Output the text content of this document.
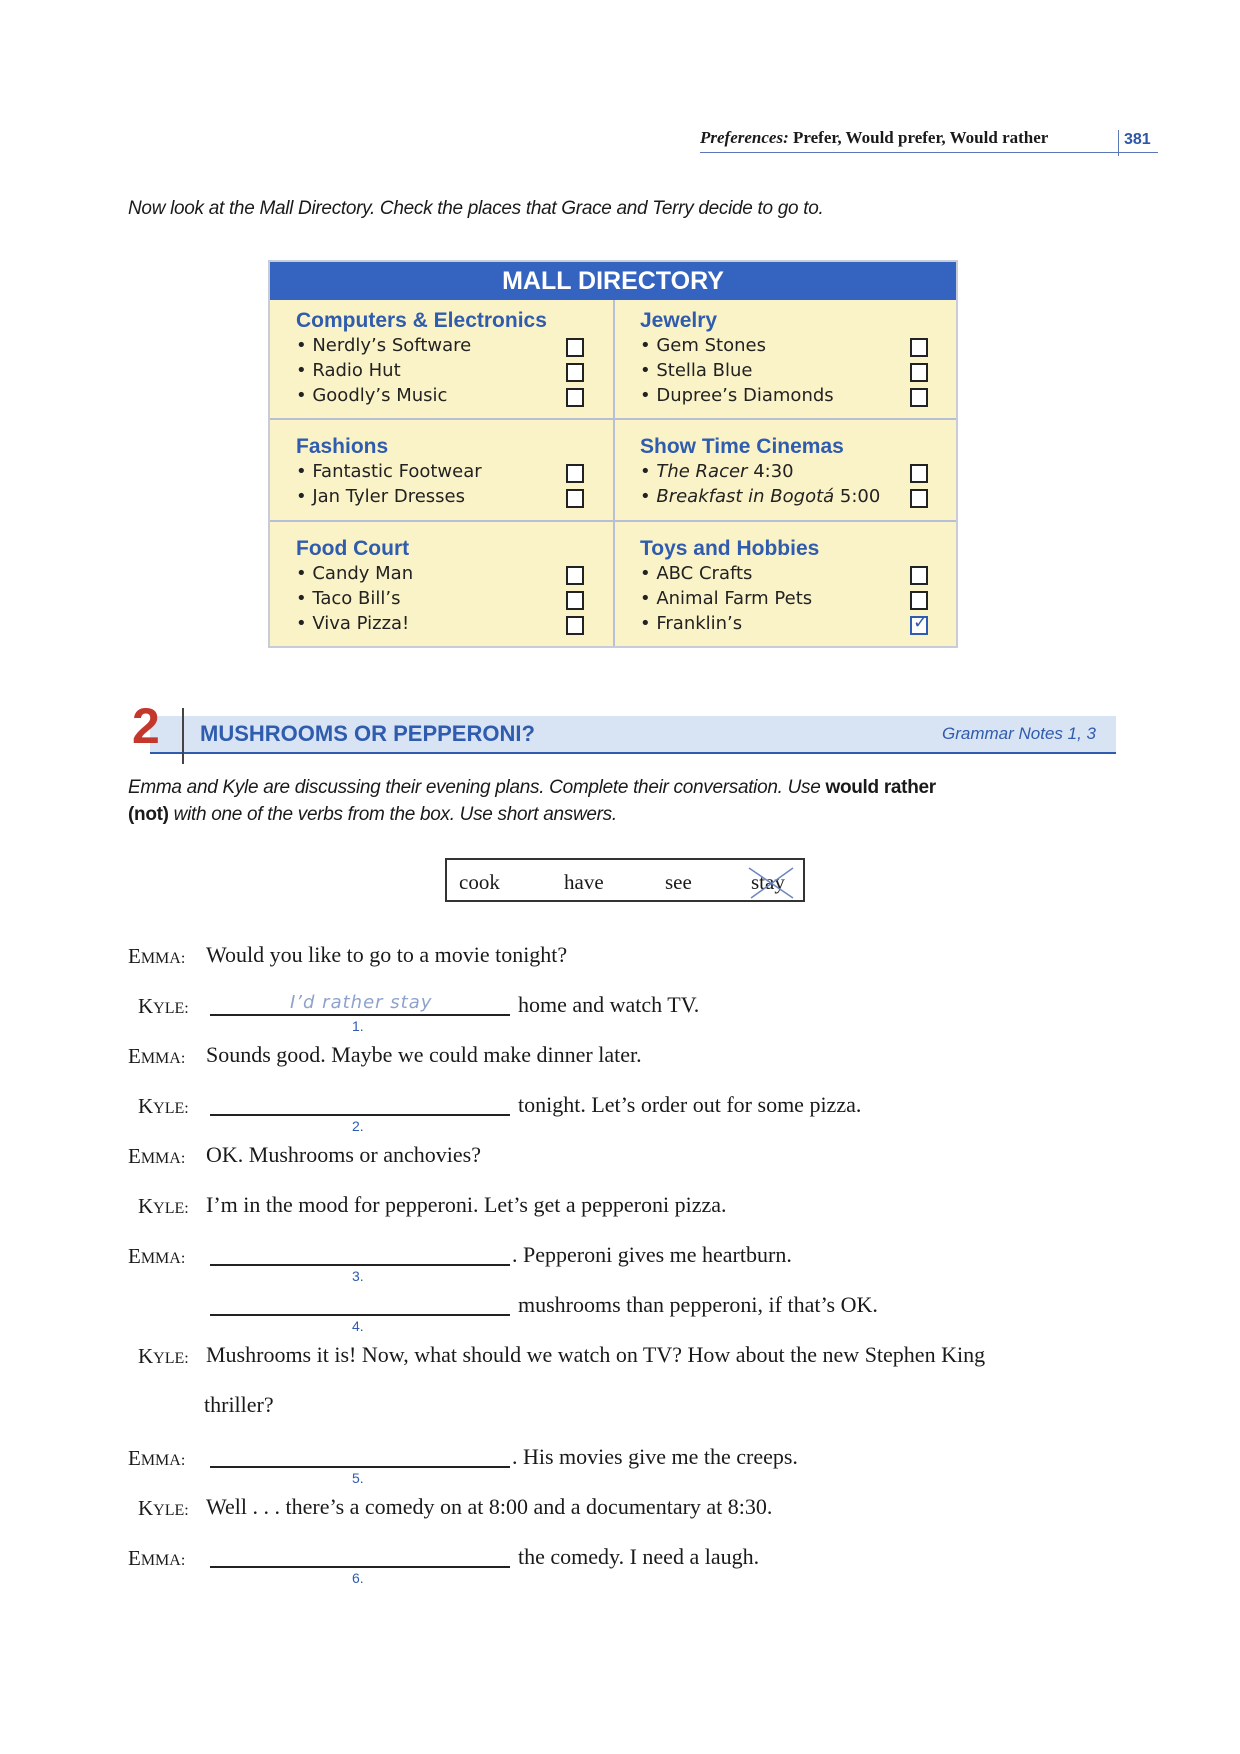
Preferences: Prefer, Would prefer, Would rather	381
Now look at the Mall Directory. Check the places that Grace and Terry decide to go to.
MALL DIRECTORY
Computers & Electronics
• Nerdly’s Software
• Radio Hut
• Goodly’s Music
Jewelry
• Gem Stones
• Stella Blue
• Dupree’s Diamonds
Fashions
• Fantastic Footwear
• Jan Tyler Dresses
Show Time Cinemas
• The Racer 4:30
• Breakfast in Bogotá 5:00
Food Court
• Candy Man
• Taco Bill’s
• Viva Pizza!
Toys and Hobbies
• ABC Crafts
• Animal Farm Pets
• Franklin’s	✓
2 MUSHROOMS OR PEPPERONI?	Grammar Notes 1, 3
Emma and Kyle are discussing their evening plans. Complete their conversation. Use would rather (not) with one of the verbs from the box. Use short answers.
cook	have	see	stay
EMMA: Would you like to go to a movie tonight?
KYLE:	I’d rather stay
1.
home and watch TV.
EMMA: Sounds good. Maybe we could make dinner later.
KYLE:
2.
tonight. Let’s order out for some pizza.
EMMA: OK. Mushrooms or anchovies?
KYLE: I’m in the mood for pepperoni. Let’s get a pepperoni pizza.
EMMA:
3.
. Pepperoni gives me heartburn.
4.
mushrooms than pepperoni, if that’s OK.
KYLE: Mushrooms it is! Now, what should we watch on TV? How about the new Stephen King
thriller?
EMMA:
5.
. His movies give me the creeps.
KYLE: Well . . . there’s a comedy on at 8:00 and a documentary at 8:30.
EMMA:
6.
the comedy. I need a laugh.
